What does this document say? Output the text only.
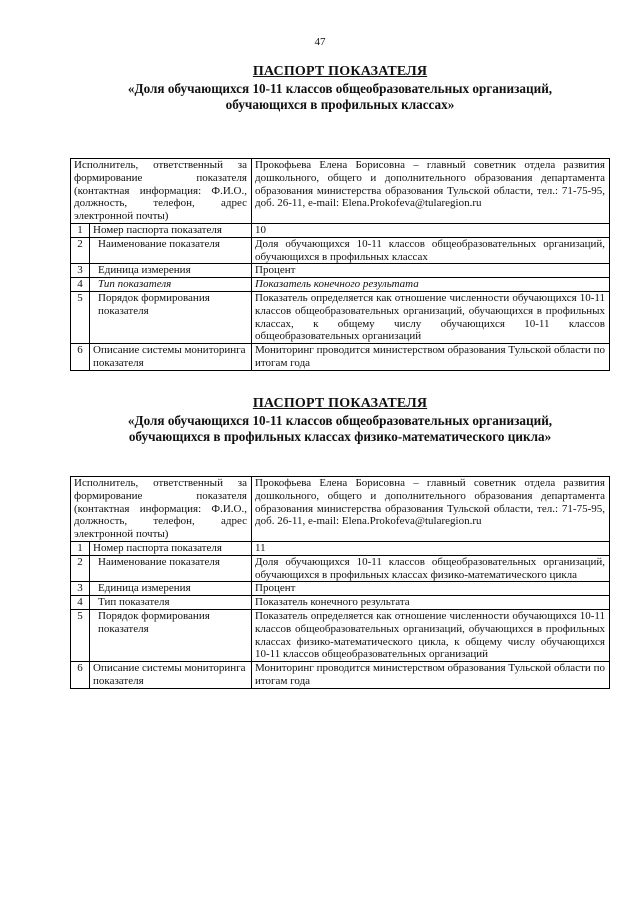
47
ПАСПОРТ ПОКАЗАТЕЛЯ
«Доля обучающихся 10-11 классов общеобразовательных организаций,
обучающихся в профильных классах»
Исполнитель, ответственный за формирование показателя (контактная информация: Ф.И.О., должность, телефон, адрес электронной почты)		Прокофьева Елена Борисовна – главный советник отдела развития дошкольного, общего и дополнительного образования департамента образования министерства образования Тульской области, тел.: 71-75-95, доб. 26-11, e-mail: Elena.Prokofeva@tularegion.ru
1	Номер паспорта показателя	10
2	Наименование показателя	Доля обучающихся 10-11 классов общеобразовательных организаций, обучающихся в профильных классах
3	Единица измерения	Процент
4	Тип показателя	Показатель конечного результата
5	Порядок формирования показателя	Показатель определяется как отношение численности обучающихся 10-11 классов общеобразовательных организаций, обучающихся в профильных классах, к общему числу обучающихся 10-11 классов общеобразовательных организаций
6	Описание системы мониторинга показателя	Мониторинг проводится министерством образования Тульской области по итогам года
ПАСПОРТ ПОКАЗАТЕЛЯ
«Доля обучающихся 10-11 классов общеобразовательных организаций,
обучающихся в профильных классах физико-математического цикла»
Исполнитель, ответственный за формирование показателя (контактная информация: Ф.И.О., должность, телефон, адрес электронной почты)		Прокофьева Елена Борисовна – главный советник отдела развития дошкольного, общего и дополнительного образования департамента образования министерства образования Тульской области, тел.: 71-75-95, доб. 26-11, e-mail: Elena.Prokofeva@tularegion.ru
1	Номер паспорта показателя	11
2	Наименование показателя	Доля обучающихся 10-11 классов общеобразовательных организаций, обучающихся в профильных классах физико-математического цикла
3	Единица измерения	Процент
4	Тип показателя	Показатель конечного результата
5	Порядок формирования показателя	Показатель определяется как отношение численности обучающихся 10-11 классов общеобразовательных организаций, обучающихся в профильных классах физико-математического цикла, к общему числу обучающихся 10-11 классов общеобразовательных организаций
6	Описание системы мониторинга показателя	Мониторинг проводится министерством образования Тульской области по итогам года
